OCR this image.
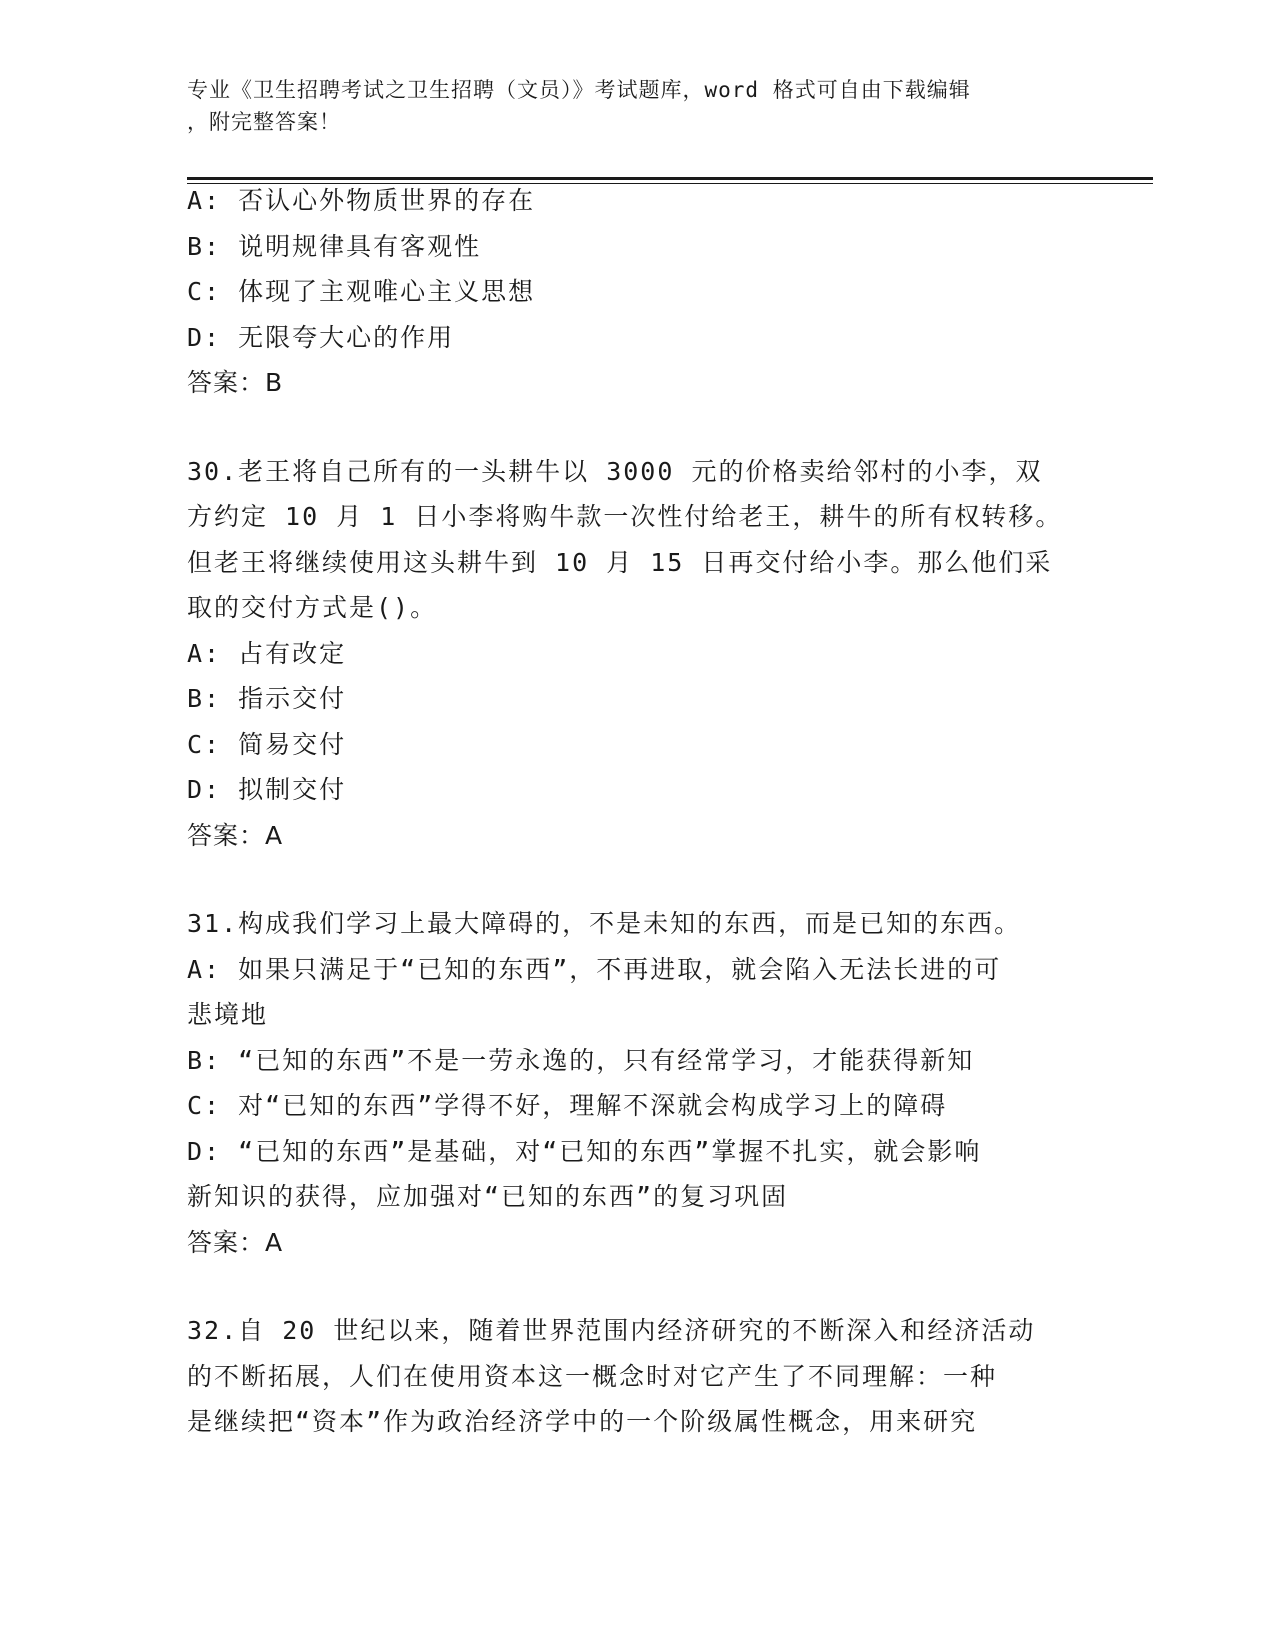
专业《卫生招聘考试之卫生招聘（文员）》考试题库，word 格式可自由下载编辑
，附完整答案！
A: 否认心外物质世界的存在
B: 说明规律具有客观性
C: 体现了主观唯心主义思想
D: 无限夸大心的作用
答案：B
30.老王将自己所有的一头耕牛以 3000 元的价格卖给邻村的小李，双
方约定 10 月 1 日小李将购牛款一次性付给老王，耕牛的所有权转移。
但老王将继续使用这头耕牛到 10 月 15 日再交付给小李。那么他们采
取的交付方式是()。
A: 占有改定
B: 指示交付
C: 简易交付
D: 拟制交付
答案：A
31.构成我们学习上最大障碍的，不是未知的东西，而是已知的东西。
A: 如果只满足于“已知的东西”，不再进取，就会陷入无法长进的可
悲境地
B: “已知的东西”不是一劳永逸的，只有经常学习，才能获得新知
C: 对“已知的东西”学得不好，理解不深就会构成学习上的障碍
D: “已知的东西”是基础，对“已知的东西”掌握不扎实，就会影响
新知识的获得，应加强对“已知的东西”的复习巩固
答案：A
32.自 20 世纪以来，随着世界范围内经济研究的不断深入和经济活动
的不断拓展，人们在使用资本这一概念时对它产生了不同理解：一种
是继续把“资本”作为政治经济学中的一个阶级属性概念，用来研究
